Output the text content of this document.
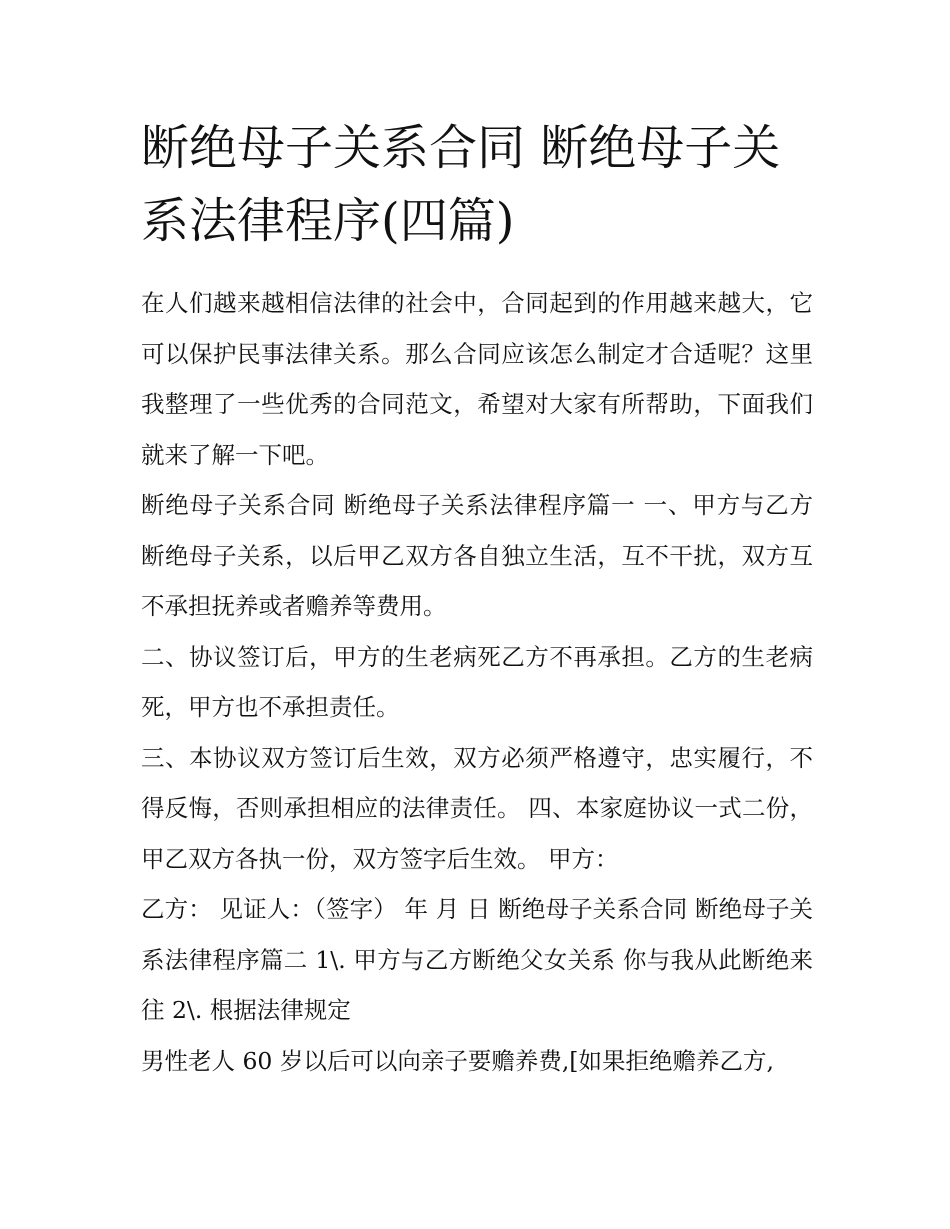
断绝母子关系合同 断绝母子关系法律程序(四篇)

在人们越来越相信法律的社会中，合同起到的作用越来越大，它可以保护民事法律关系。那么合同应该怎么制定才合适呢？这里我整理了一些优秀的合同范文，希望对大家有所帮助，下面我们就来了解一下吧。

断绝母子关系合同 断绝母子关系法律程序篇一 一、甲方与乙方断绝母子关系，以后甲乙双方各自独立生活，互不干扰，双方互不承担抚养或者赡养等费用。

二、协议签订后，甲方的生老病死乙方不再承担。乙方的生老病死，甲方也不承担责任。

三、本协议双方签订后生效，双方必须严格遵守，忠实履行，不得反悔，否则承担相应的法律责任。 四、本家庭协议一式二份，甲乙双方各执一份，双方签字后生效。 甲方：

乙方： 见证人：（签字） 年 月 日 断绝母子关系合同 断绝母子关系法律程序篇二 1\. 甲方与乙方断绝父女关系 你与我从此断绝来往 2\. 根据法律规定

男性老人 60 岁以后可以向亲子要赡养费,[如果拒绝赡养乙方,
